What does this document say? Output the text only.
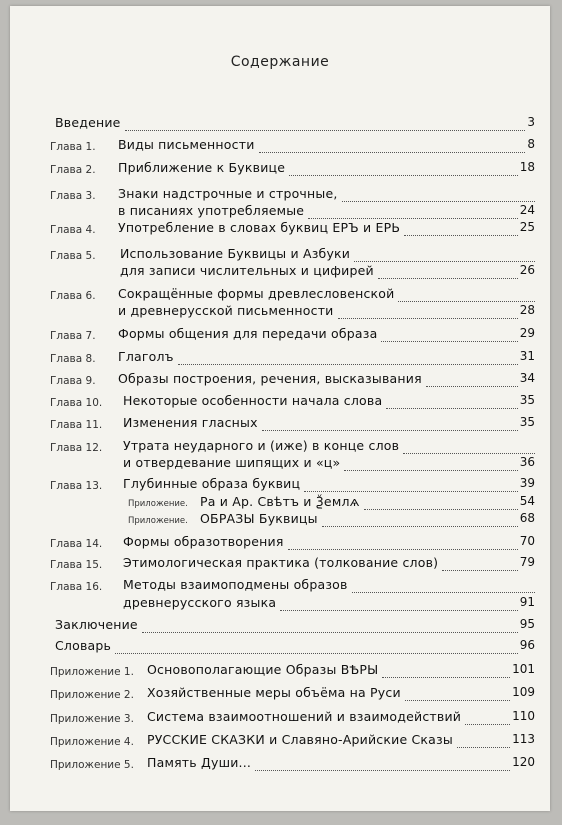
Содержание
Введение	3
Глава 1. Виды письменности	8
Глава 2. Приближение к Буквице	18
Глава 3. Знаки надстрочные и строчные,
в писаниях употребляемые	24
Глава 4. Употребление в словах буквиц ЕРЪ и ЕРЬ	25
Глава 5. Использование Буквицы и Азбуки
для записи числительных и цифирей	26
Глава 6. Сокращённые формы древлесловенской
и древнерусской письменности	28
Глава 7. Формы общения для передачи образа	29
Глава 8. Глаголъ	31
Глава 9. Образы построения, речения, высказывания	34
Глава 10. Некоторые особенности начала слова	35
Глава 11. Изменения гласных	35
Глава 12. Утрата неударного и (иже) в конце слов
и отвердевание шипящих и «ц»	36
Глава 13. Глубинные образа буквиц	39
Приложение. Ра и Ар. Свѣтъ и Ѯемлѧ	54
Приложение. ОБРАЗЫ Буквицы	68
Глава 14. Формы образотворения	70
Глава 15. Этимологическая практика (толкование слов)	79
Глава 16. Методы взаимоподмены образов
древнерусского языка	91
Заключение	95
Словарь	96
Приложение 1. Основополагающие Образы ВѢРЫ	101
Приложение 2. Хозяйственные меры объёма на Руси	109
Приложение 3. Система взаимоотношений и взаимодействий	110
Приложение 4. РУССКИЕ СКАЗКИ и Славяно-Арийские Сказы	113
Приложение 5. Память Души...	120
